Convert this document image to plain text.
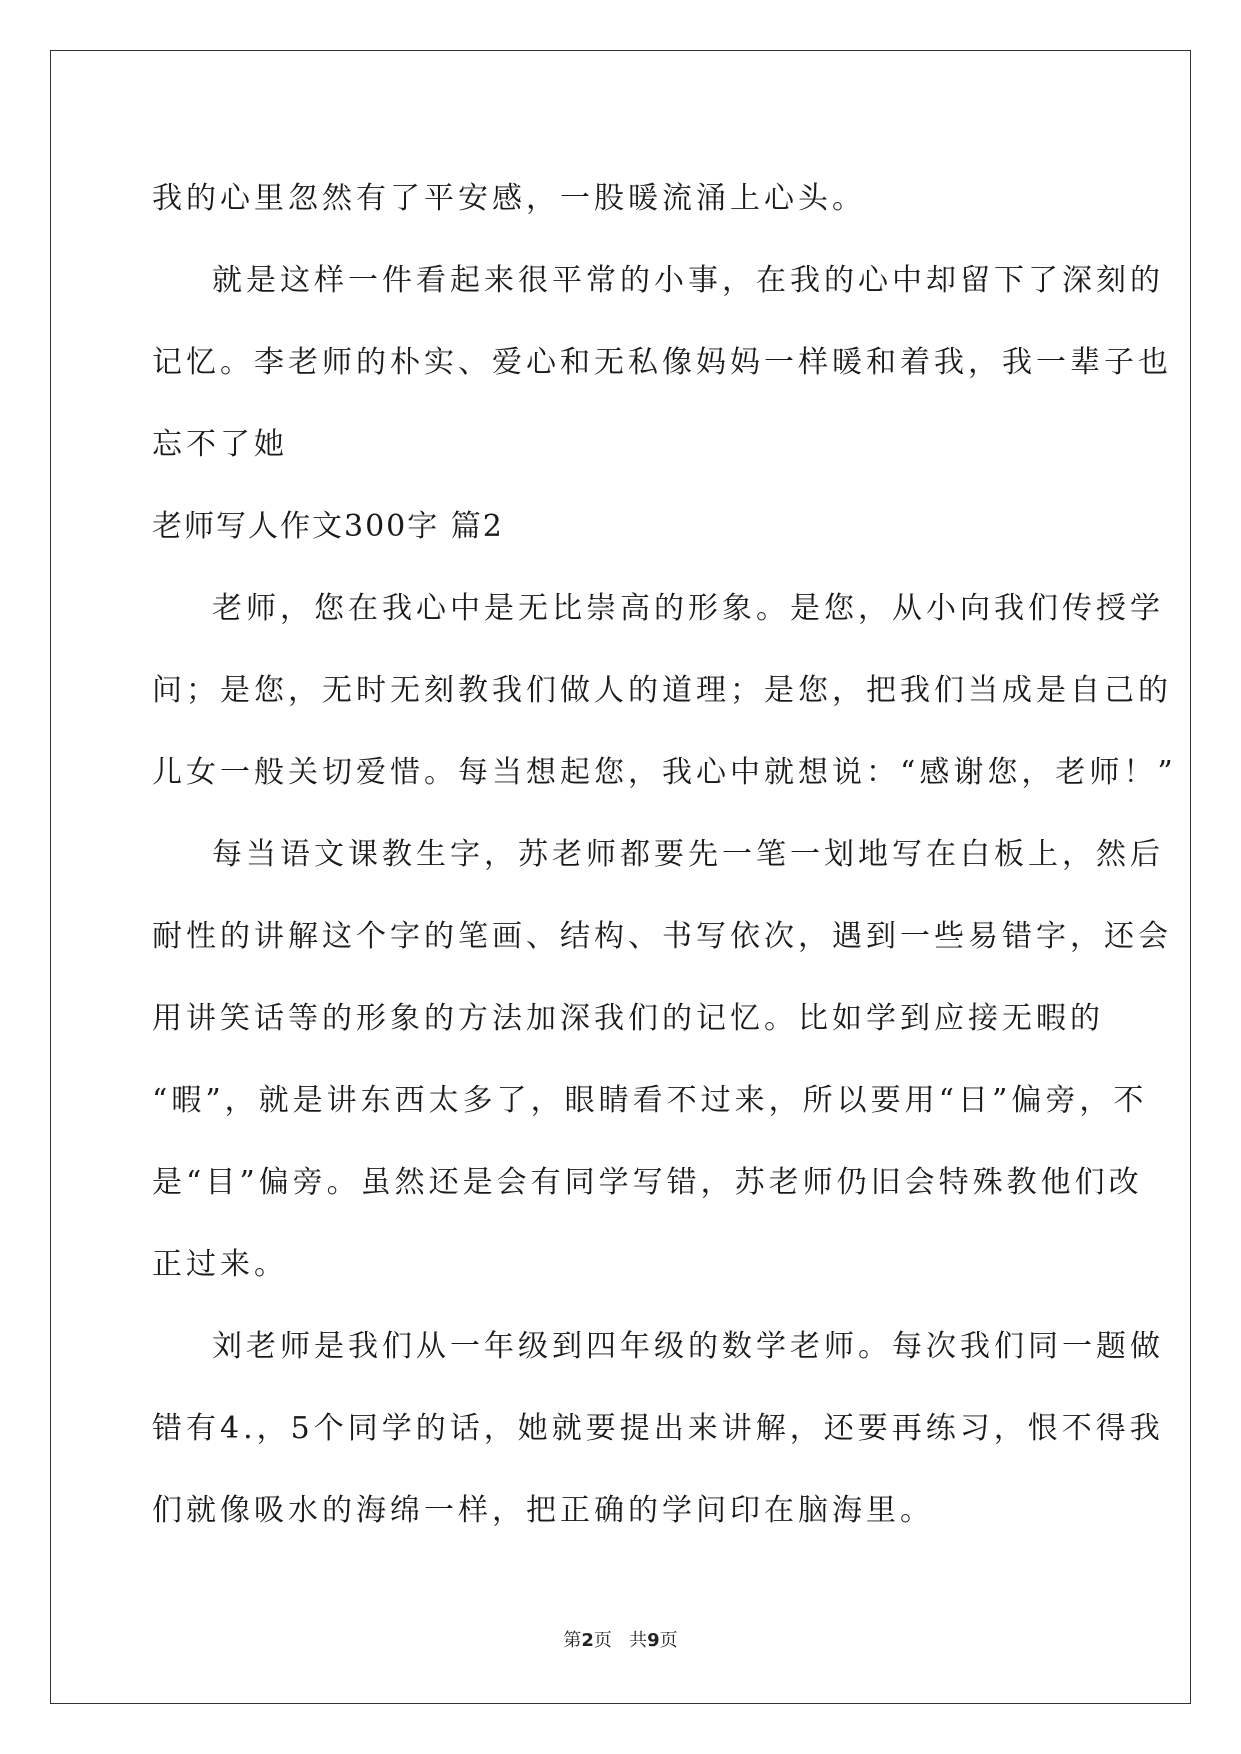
我的心里忽然有了平安感，一股暖流涌上心头。

就是这样一件看起来很平常的小事，在我的心中却留下了深刻的

记忆。李老师的朴实、爱心和无私像妈妈一样暖和着我，我一辈子也

忘不了她

老师写人作文300字 篇2

老师，您在我心中是无比崇高的形象。是您，从小向我们传授学

问；是您，无时无刻教我们做人的道理；是您，把我们当成是自己的

儿女一般关切爱惜。每当想起您，我心中就想说：“感谢您，老师！”

每当语文课教生字，苏老师都要先一笔一划地写在白板上，然后

耐性的讲解这个字的笔画、结构、书写依次，遇到一些易错字，还会

用讲笑话等的形象的方法加深我们的记忆。比如学到应接无暇的

“暇”，就是讲东西太多了，眼睛看不过来，所以要用“日”偏旁，不

是“目”偏旁。虽然还是会有同学写错，苏老师仍旧会特殊教他们改

正过来。

刘老师是我们从一年级到四年级的数学老师。每次我们同一题做

错有4.，5个同学的话，她就要提出来讲解，还要再练习，恨不得我

们就像吸水的海绵一样，把正确的学问印在脑海里。

第2页   共9页
